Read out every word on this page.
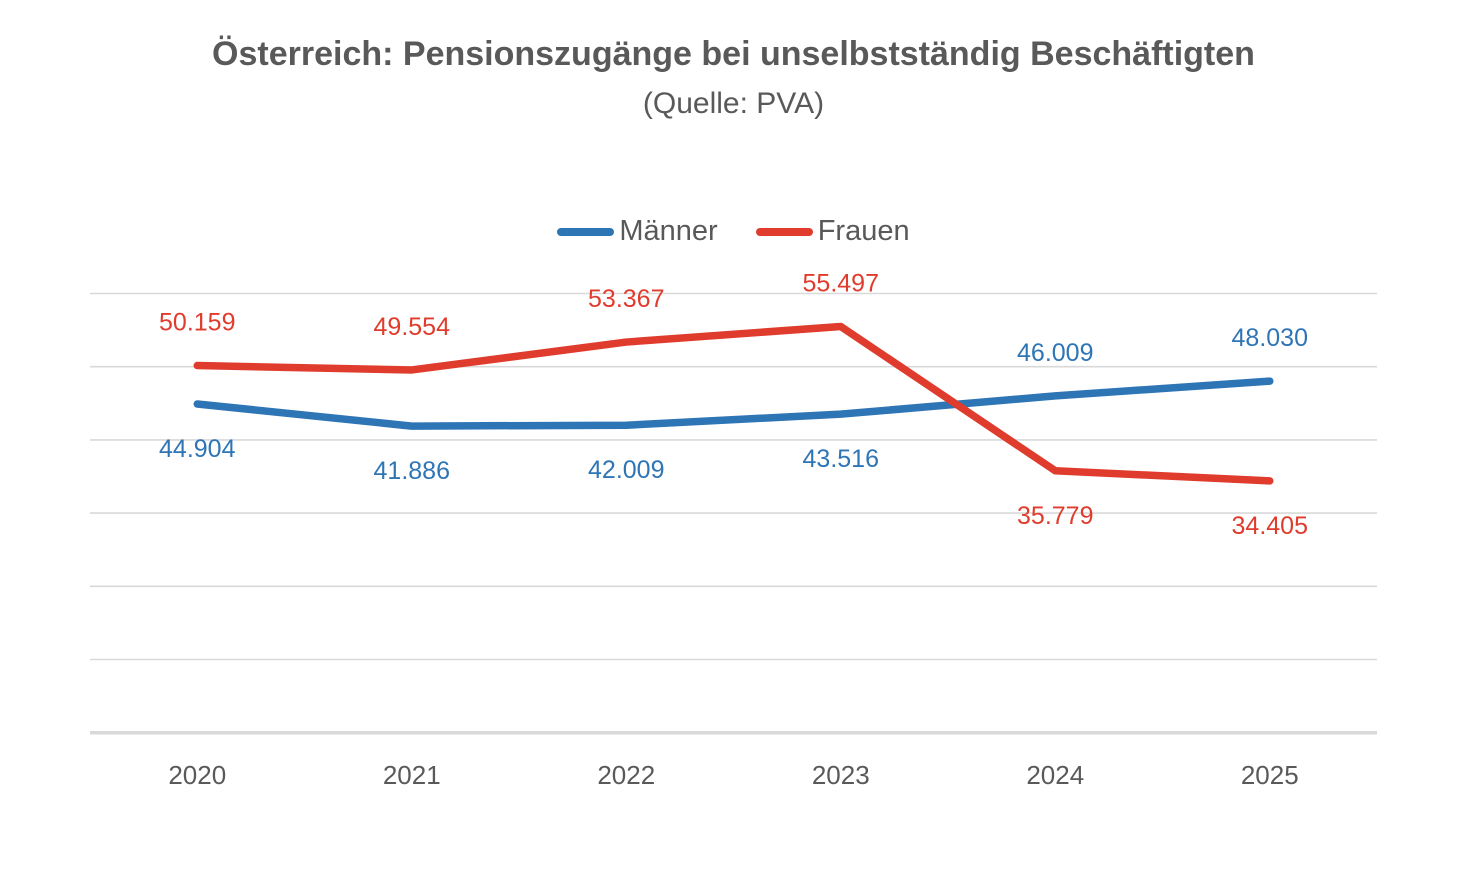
Österreich: Pensionszugänge bei unselbstständig Beschäftigten
(Quelle: PVA)
Männer	Frauen
44.904
41.886	42.009	43.516
46.009
48.030
50.159	49.554
53.367
55.497
35.779	34.405
2020	2021	2022	2023	2024	2025
